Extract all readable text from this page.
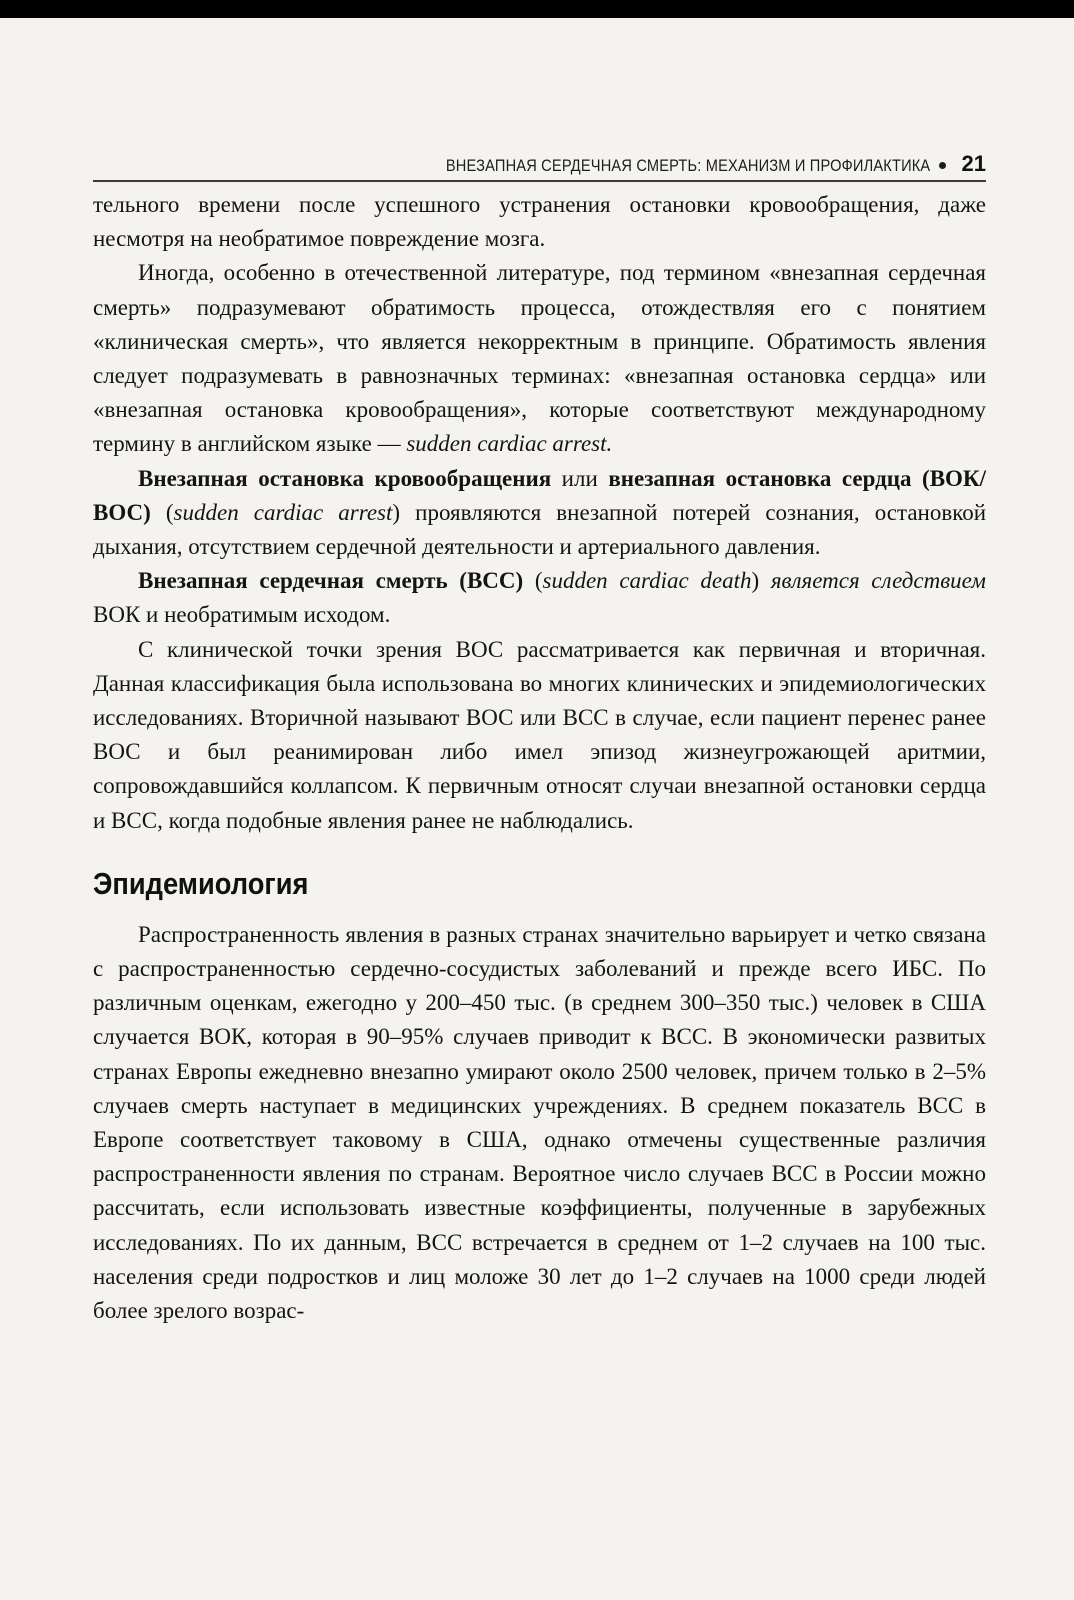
ВНЕЗАПНАЯ СЕРДЕЧНАЯ СМЕРТЬ: МЕХАНИЗМ И ПРОФИЛАКТИКА 21

тельного времени после успешного устранения остановки кровообращения, даже несмотря на необратимое повреждение мозга.

Иногда, особенно в отечественной литературе, под термином «внезапная сердечная смерть» подразумевают обратимость процесса, отождествляя его с понятием «клиническая смерть», что является некорректным в принципе. Обратимость явления следует подразумевать в равнозначных терминах: «внезапная остановка сердца» или «внезапная остановка кровообращения», которые соответствуют международному термину в английском языке — sudden cardiac arrest.

Внезапная остановка кровообращения или внезапная остановка сердца (ВОК/ВОС) (sudden cardiac arrest) проявляются внезапной потерей сознания, остановкой дыхания, отсутствием сердечной деятельности и артериального давления.

Внезапная сердечная смерть (ВСС) (sudden cardiac death) является следствием ВОК и необратимым исходом.

С клинической точки зрения ВОС рассматривается как первичная и вторичная. Данная классификация была использована во многих клинических и эпидемиологических исследованиях. Вторичной называют ВОС или ВСС в случае, если пациент перенес ранее ВОС и был реанимирован либо имел эпизод жизнеугрожающей аритмии, сопровождавшийся коллапсом. К первичным относят случаи внезапной остановки сердца и ВСС, когда подобные явления ранее не наблюдались.

Эпидемиология

Распространенность явления в разных странах значительно варьирует и четко связана с распространенностью сердечно-сосудистых заболеваний и прежде всего ИБС. По различным оценкам, ежегодно у 200–450 тыс. (в среднем 300–350 тыс.) человек в США случается ВОК, которая в 90–95% случаев приводит к ВСС. В экономически развитых странах Европы ежедневно внезапно умирают около 2500 человек, причем только в 2–5% случаев смерть наступает в медицинских учреждениях. В среднем показатель ВСС в Европе соответствует таковому в США, однако отмечены существенные различия распространенности явления по странам. Вероятное число случаев ВСС в России можно рассчитать, если использовать известные коэффициенты, полученные в зарубежных исследованиях. По их данным, ВСС встречается в среднем от 1–2 случаев на 100 тыс. населения среди подростков и лиц моложе 30 лет до 1–2 случаев на 1000 среди людей более зрелого возрас-
